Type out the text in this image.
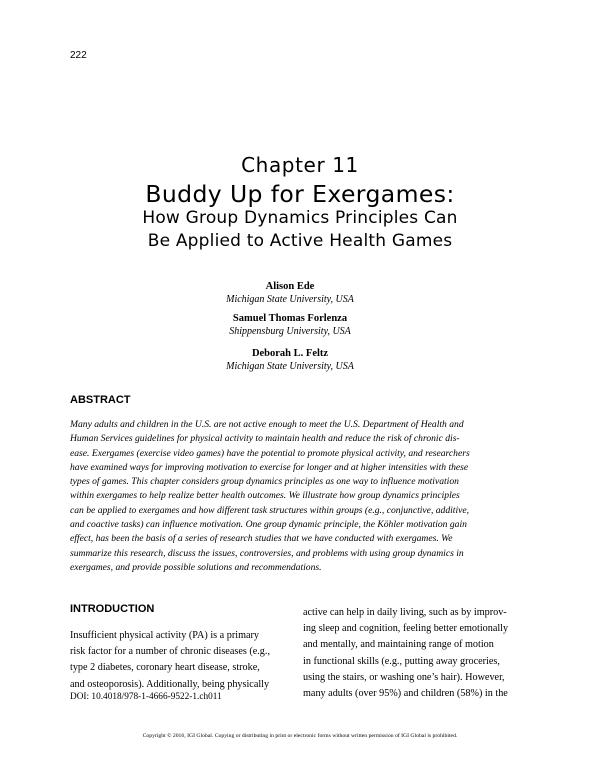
222
Chapter 11
Buddy Up for Exergames:
How Group Dynamics Principles Can
Be Applied to Active Health Games
Alison Ede
Michigan State University, USA
Samuel Thomas Forlenza
Shippensburg University, USA
Deborah L. Feltz
Michigan State University, USA
ABSTRACT
Many adults and children in the U.S. are not active enough to meet the U.S. Department of Health and
Human Services guidelines for physical activity to maintain health and reduce the risk of chronic dis-
ease. Exergames (exercise video games) have the potential to promote physical activity, and researchers
have examined ways for improving motivation to exercise for longer and at higher intensities with these
types of games. This chapter considers group dynamics principles as one way to influence motivation
within exergames to help realize better health outcomes. We illustrate how group dynamics principles
can be applied to exergames and how different task structures within groups (e.g., conjunctive, additive,
and coactive tasks) can influence motivation. One group dynamic principle, the Köhler motivation gain
effect, has been the basis of a series of research studies that we have conducted with exergames. We
summarize this research, discuss the issues, controversies, and problems with using group dynamics in
exergames, and provide possible solutions and recommendations.
INTRODUCTION
Insufficient physical activity (PA) is a primary
risk factor for a number of chronic diseases (e.g.,
type 2 diabetes, coronary heart disease, stroke,
and osteoporosis). Additionally, being physically
active can help in daily living, such as by improv-
ing sleep and cognition, feeling better emotionally
and mentally, and maintaining range of motion
in functional skills (e.g., putting away groceries,
using the stairs, or washing one’s hair). However,
many adults (over 95%) and children (58%) in the
DOI: 10.4018/978-1-4666-9522-1.ch011
Copyright © 2016, IGI Global. Copying or distributing in print or electronic forms without written permission of IGI Global is prohibited.
